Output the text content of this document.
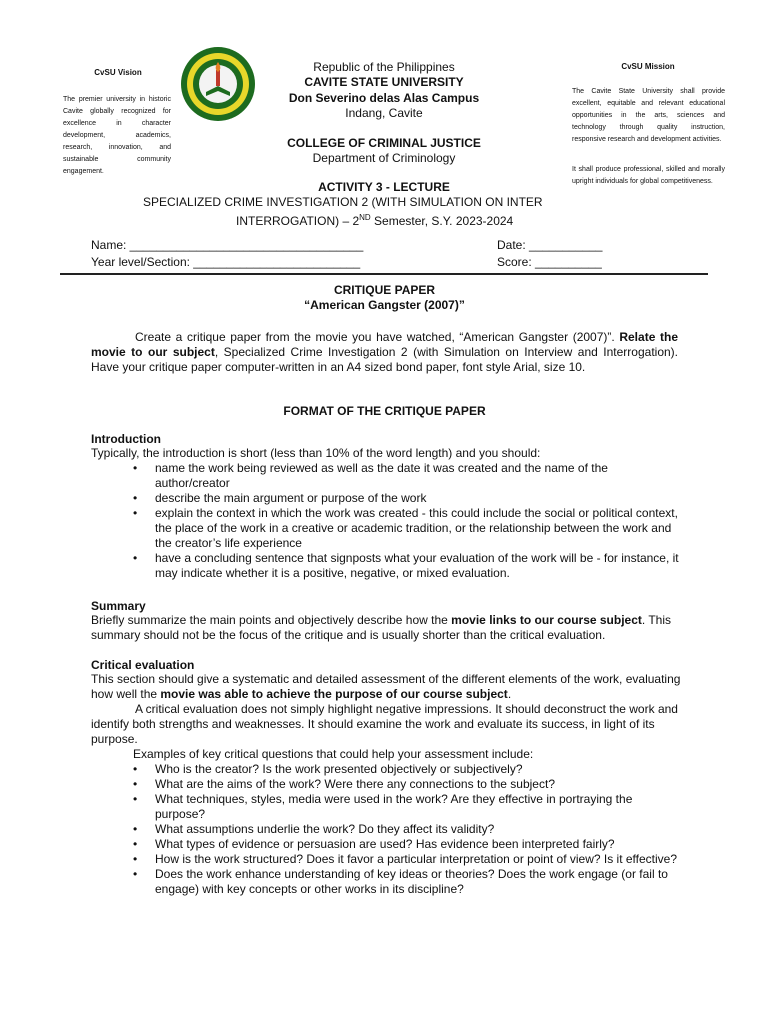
CvSU Vision
The premier university in historic Cavite globally recognized for excellence in character development, academics, research, innovation, and sustainable community engagement.
Republic of the Philippines
CAVITE STATE UNIVERSITY
Don Severino delas Alas Campus
Indang, Cavite
COLLEGE OF CRIMINAL JUSTICE
Department of Criminology
ACTIVITY 3 - LECTURE
SPECIALIZED CRIME INVESTIGATION 2 (WITH SIMULATION ON INTER
INTERROGATION) – 2ND Semester, S.Y. 2023-2024
CvSU Mission
The Cavite State University shall provide excellent, equitable and relevant educational opportunities in the arts, sciences and technology through quality instruction, responsive research and development activities.
It shall produce professional, skilled and morally upright individuals for global competitiveness.
Name: ___________________________________	Date: ___________
Year level/Section: _________________________	Score: __________
CRITIQUE PAPER
“American Gangster (2007)”
Create a critique paper from the movie you have watched, “American Gangster (2007)”. Relate the movie to our subject, Specialized Crime Investigation 2 (with Simulation on Interview and Interrogation). Have your critique paper computer-written in an A4 sized bond paper, font style Arial, size 10.
FORMAT OF THE CRITIQUE PAPER
Introduction
Typically, the introduction is short (less than 10% of the word length) and you should:
• name the work being reviewed as well as the date it was created and the name of the author/creator
• describe the main argument or purpose of the work
• explain the context in which the work was created - this could include the social or political context, the place of the work in a creative or academic tradition, or the relationship between the work and the creator’s life experience
• have a concluding sentence that signposts what your evaluation of the work will be - for instance, it may indicate whether it is a positive, negative, or mixed evaluation.
Summary
Briefly summarize the main points and objectively describe how the movie links to our course subject. This summary should not be the focus of the critique and is usually shorter than the critical evaluation.
Critical evaluation
This section should give a systematic and detailed assessment of the different elements of the work, evaluating how well the movie was able to achieve the purpose of our course subject.
A critical evaluation does not simply highlight negative impressions. It should deconstruct the work and identify both strengths and weaknesses. It should examine the work and evaluate its success, in light of its purpose.
Examples of key critical questions that could help your assessment include:
• Who is the creator? Is the work presented objectively or subjectively?
• What are the aims of the work? Were there any connections to the subject?
• What techniques, styles, media were used in the work? Are they effective in portraying the purpose?
• What assumptions underlie the work? Do they affect its validity?
• What types of evidence or persuasion are used? Has evidence been interpreted fairly?
• How is the work structured? Does it favor a particular interpretation or point of view? Is it effective?
• Does the work enhance understanding of key ideas or theories? Does the work engage (or fail to engage) with key concepts or other works in its discipline?
